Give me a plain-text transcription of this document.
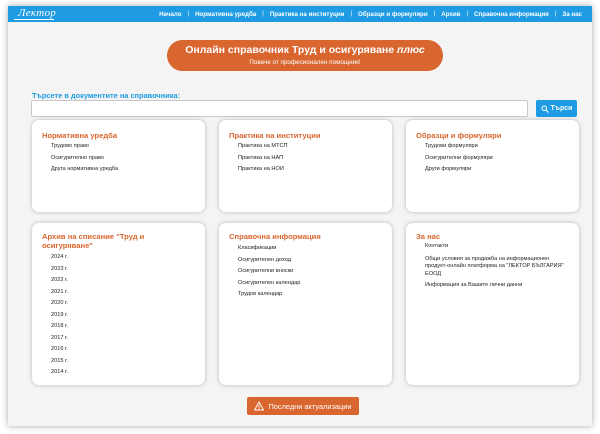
Лектор	Начало | Нормативна уредба | Практика на институции | Образци и формуляри | Архив | Справочна информация | За нас
Онлайн справочник Труд и осигуряване плюс
Повече от професионален помощник!
Търсете в документите на справочника:
Търси
Нормативна уредба
Трудово право
Осигурително право
Друга нормативна уредба
Практика на институции
Практика на МТСП
Практика на НАП
Практика на НОИ
Образци и формуляри
Трудови формуляри
Осигурителни формуляри
Други формуляри
Архив на списание "Труд и осигуряване"
2024 г.
2023 г.
2022 г.
2021 г.
2020 г.
2019 г.
2018 г.
2017 г.
2016 г.
2015 г.
2014 г.
Справочна информация
Класификации
Осигурителен доход
Осигурителни вноски
Осигурителен календар
Трудов календар
За нас
Контакти
Общи условия за продажба на информационен продукт-онлайн платформа на "ЛЕКТОР БЪЛГАРИЯ" ЕООД
Информация за Вашите лични данни
Последни актуализации
